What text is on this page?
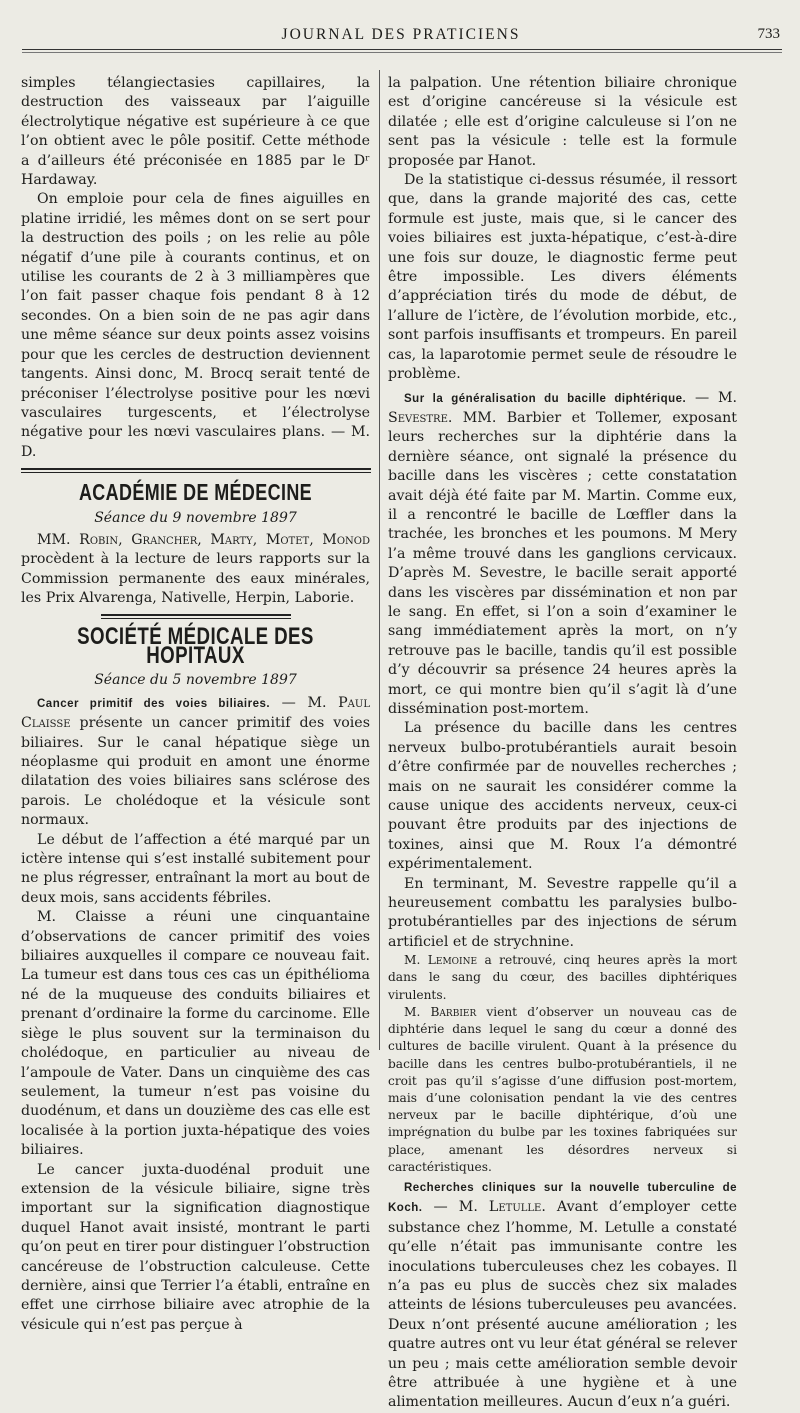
JOURNAL DES PRATICIENS	733

simples télangiectasies capillaires, la destruction des vaisseaux par l’aiguille électrolytique négative est supérieure à ce que l’on obtient avec le pôle positif. Cette méthode a d’ailleurs été préconisée en 1885 par le Dʳ Hardaway.

On emploie pour cela de fines aiguilles en platine irridié, les mêmes dont on se sert pour la destruction des poils ; on les relie au pôle négatif d’une pile à courants continus, et on utilise les courants de 2 à 3 milliampères que l’on fait passer chaque fois pendant 8 à 12 secondes. On a bien soin de ne pas agir dans une même séance sur deux points assez voisins pour que les cercles de destruction deviennent tangents. Ainsi donc, M. Brocq serait tenté de préconiser l’électrolyse positive pour les nœvi vasculaires turgescents, et l’électrolyse négative pour les nœvi vasculaires plans. — M. D.

ACADÉMIE DE MÉDECINE
Séance du 9 novembre 1897

MM. Robin, Grancher, Marty, Motet, Monod procèdent à la lecture de leurs rapports sur la Commission permanente des eaux minérales, les Prix Alvarenga, Nativelle, Herpin, Laborie.

SOCIÉTÉ MÉDICALE DES HOPITAUX
Séance du 5 novembre 1897

Cancer primitif des voies biliaires. — M. Paul Claisse présente un cancer primitif des voies biliaires. Sur le canal hépatique siège un néoplasme qui produit en amont une énorme dilatation des voies biliaires sans sclérose des parois. Le cholédoque et la vésicule sont normaux.

Le début de l’affection a été marqué par un ictère intense qui s’est installé subitement pour ne plus régresser, entraînant la mort au bout de deux mois, sans accidents fébriles.

M. Claisse a réuni une cinquantaine d’observations de cancer primitif des voies biliaires auxquelles il compare ce nouveau fait. La tumeur est dans tous ces cas un épithélioma né de la muqueuse des conduits biliaires et prenant d’ordinaire la forme du carcinome. Elle siège le plus souvent sur la terminaison du cholédoque, en particulier au niveau de l’ampoule de Vater. Dans un cinquième des cas seulement, la tumeur n’est pas voisine du duodénum, et dans un douzième des cas elle est localisée à la portion juxta-hépatique des voies biliaires.

Le cancer juxta-duodénal produit une extension de la vésicule biliaire, signe très important sur la signification diagnostique duquel Hanot avait insisté, montrant le parti qu’on peut en tirer pour distinguer l’obstruction cancéreuse de l’obstruction calculeuse. Cette dernière, ainsi que Terrier l’a établi, entraîne en effet une cirrhose biliaire avec atrophie de la vésicule qui n’est pas perçue à

la palpation. Une rétention biliaire chronique est d’origine cancéreuse si la vésicule est dilatée ; elle est d’origine calculeuse si l’on ne sent pas la vésicule : telle est la formule proposée par Hanot.

De la statistique ci-dessus résumée, il ressort que, dans la grande majorité des cas, cette formule est juste, mais que, si le cancer des voies biliaires est juxta-hépatique, c’est-à-dire une fois sur douze, le diagnostic ferme peut être impossible. Les divers éléments d’appréciation tirés du mode de début, de l’allure de l’ictère, de l’évolution morbide, etc., sont parfois insuffisants et trompeurs. En pareil cas, la laparotomie permet seule de résoudre le problème.

Sur la généralisation du bacille diphtérique. — M. Sevestre. MM. Barbier et Tollemer, exposant leurs recherches sur la diphtérie dans la dernière séance, ont signalé la présence du bacille dans les viscères ; cette constatation avait déjà été faite par M. Martin. Comme eux, il a rencontré le bacille de Lœffler dans la trachée, les bronches et les poumons. M Mery l’a même trouvé dans les ganglions cervicaux. D’après M. Sevestre, le bacille serait apporté dans les viscères par dissémination et non par le sang. En effet, si l’on a soin d’examiner le sang immédiatement après la mort, on n’y retrouve pas le bacille, tandis qu’il est possible d’y découvrir sa présence 24 heures après la mort, ce qui montre bien qu’il s’agit là d’une dissémination post-mortem.

La présence du bacille dans les centres nerveux bulbo-protubérantiels aurait besoin d’être confirmée par de nouvelles recherches ; mais on ne saurait les considérer comme la cause unique des accidents nerveux, ceux-ci pouvant être produits par des injections de toxines, ainsi que M. Roux l’a démontré expérimentalement.

En terminant, M. Sevestre rappelle qu’il a heureusement combattu les paralysies bulbo-protubérantielles par des injections de sérum artificiel et de strychnine.

M. Lemoine a retrouvé, cinq heures après la mort dans le sang du cœur, des bacilles diphtériques virulents.

M. Barbier vient d’observer un nouveau cas de diphtérie dans lequel le sang du cœur a donné des cultures de bacille virulent. Quant à la présence du bacille dans les centres bulbo-protubérantiels, il ne croit pas qu’il s’agisse d’une diffusion post-mortem, mais d’une colonisation pendant la vie des centres nerveux par le bacille diphtérique, d’où une imprégnation du bulbe par les toxines fabriquées sur place, amenant les désordres nerveux si caractéristiques.

Recherches cliniques sur la nouvelle tuberculine de Koch. — M. Letulle. Avant d’employer cette substance chez l’homme, M. Letulle a constaté qu’elle n’était pas immunisante contre les inoculations tuberculeuses chez les cobayes. Il n’a pas eu plus de succès chez six malades atteints de lésions tuberculeuses peu avancées. Deux n’ont présenté aucune amélioration ; les quatre autres ont vu leur état général se relever un peu ; mais cette amélioration semble devoir être attribuée à une hygiène et à une alimentation meilleures. Aucun d’eux n’a guéri.
